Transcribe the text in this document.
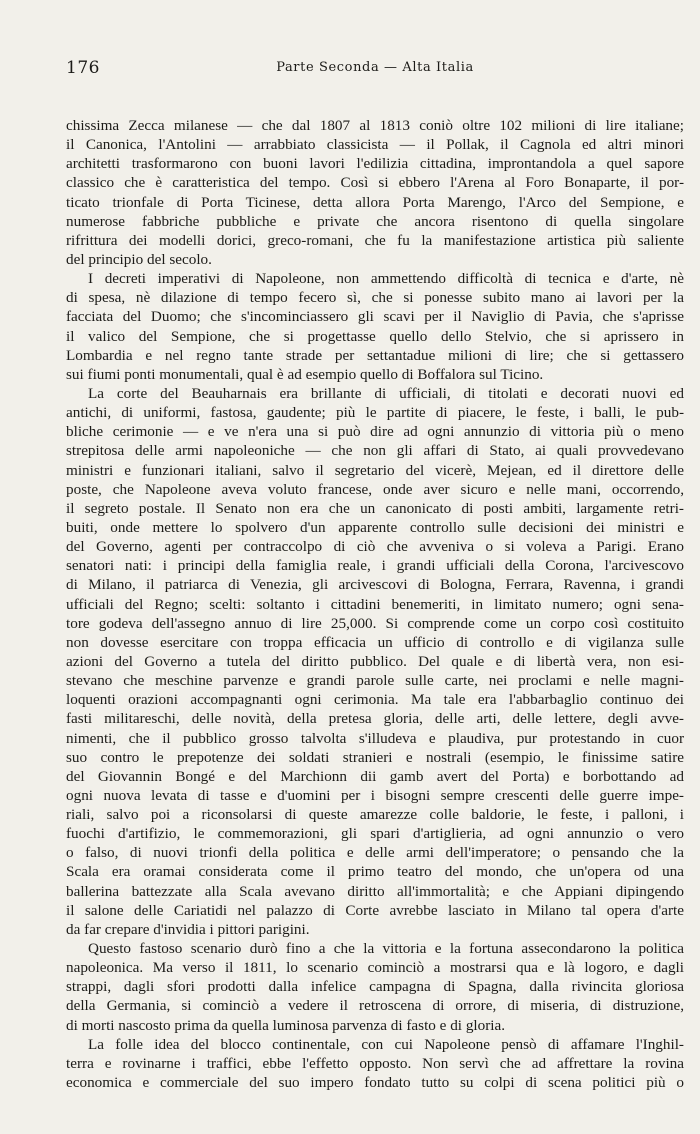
176	Parte Seconda — Alta Italia
chissima Zecca milanese — che dal 1807 al 1813 coniò oltre 102 milioni di lire italiane;
il Canonica, l'Antolini — arrabbiato classicista — il Pollak, il Cagnola ed altri minori
architetti trasformarono con buoni lavori l'edilizia cittadina, improntandola a quel sapore
classico che è caratteristica del tempo. Così si ebbero l'Arena al Foro Bonaparte, il por-
ticato trionfale di Porta Ticinese, detta allora Porta Marengo, l'Arco del Sempione, e
numerose fabbriche pubbliche e private che ancora risentono di quella singolare
rifrittura dei modelli dorici, greco-romani, che fu la manifestazione artistica più saliente
del principio del secolo.
I decreti imperativi di Napoleone, non ammettendo difficoltà di tecnica e d'arte, nè
di spesa, nè dilazione di tempo fecero sì, che si ponesse subito mano ai lavori per la
facciata del Duomo; che s'incominciassero gli scavi per il Naviglio di Pavia, che s'aprisse
il valico del Sempione, che si progettasse quello dello Stelvio, che si aprissero in
Lombardia e nel regno tante strade per settantadue milioni di lire; che si gettassero
sui fiumi ponti monumentali, qual è ad esempio quello di Boffalora sul Ticino.
La corte del Beauharnais era brillante di ufficiali, di titolati e decorati nuovi ed
antichi, di uniformi, fastosa, gaudente; più le partite di piacere, le feste, i balli, le pub-
bliche cerimonie — e ve n'era una si può dire ad ogni annunzio di vittoria più o meno
strepitosa delle armi napoleoniche — che non gli affari di Stato, ai quali provvedevano
ministri e funzionari italiani, salvo il segretario del vicerè, Mejean, ed il direttore delle
poste, che Napoleone aveva voluto francese, onde aver sicuro e nelle mani, occorrendo,
il segreto postale. Il Senato non era che un canonicato di posti ambiti, largamente retri-
buiti, onde mettere lo spolvero d'un apparente controllo sulle decisioni dei ministri e
del Governo, agenti per contraccolpo di ciò che avveniva o si voleva a Parigi. Erano
senatori nati: i principi della famiglia reale, i grandi ufficiali della Corona, l'arcivescovo
di Milano, il patriarca di Venezia, gli arcivescovi di Bologna, Ferrara, Ravenna, i grandi
ufficiali del Regno; scelti: soltanto i cittadini benemeriti, in limitato numero; ogni sena-
tore godeva dell'assegno annuo di lire 25,000. Si comprende come un corpo così costituito
non dovesse esercitare con troppa efficacia un ufficio di controllo e di vigilanza sulle
azioni del Governo a tutela del diritto pubblico. Del quale e di libertà vera, non esi-
stevano che meschine parvenze e grandi parole sulle carte, nei proclami e nelle magni-
loquenti orazioni accompagnanti ogni cerimonia. Ma tale era l'abbarbaglio continuo dei
fasti militareschi, delle novità, della pretesa gloria, delle arti, delle lettere, degli avve-
nimenti, che il pubblico grosso talvolta s'illudeva e plaudiva, pur protestando in cuor
suo contro le prepotenze dei soldati stranieri e nostrali (esempio, le finissime satire
del Giovannin Bongé e del Marchionn dii gamb avert del Porta) e borbottando ad
ogni nuova levata di tasse e d'uomini per i bisogni sempre crescenti delle guerre impe-
riali, salvo poi a riconsolarsi di queste amarezze colle baldorie, le feste, i palloni, i
fuochi d'artifizio, le commemorazioni, gli spari d'artiglieria, ad ogni annunzio o vero
o falso, di nuovi trionfi della politica e delle armi dell'imperatore; o pensando che la
Scala era oramai considerata come il primo teatro del mondo, che un'opera od una
ballerina battezzate alla Scala avevano diritto all'immortalità; e che Appiani dipingendo
il salone delle Cariatidi nel palazzo di Corte avrebbe lasciato in Milano tal opera d'arte
da far crepare d'invidia i pittori parigini.
Questo fastoso scenario durò fino a che la vittoria e la fortuna assecondarono la politica
napoleonica. Ma verso il 1811, lo scenario cominciò a mostrarsi qua e là logoro, e dagli
strappi, dagli sfori prodotti dalla infelice campagna di Spagna, dalla rivincita gloriosa
della Germania, si cominciò a vedere il retroscena di orrore, di miseria, di distruzione,
di morti nascosto prima da quella luminosa parvenza di fasto e di gloria.
La folle idea del blocco continentale, con cui Napoleone pensò di affamare l'Inghil-
terra e rovinarne i traffici, ebbe l'effetto opposto. Non servì che ad affrettare la rovina
economica e commerciale del suo impero fondato tutto su colpi di scena politici più o
